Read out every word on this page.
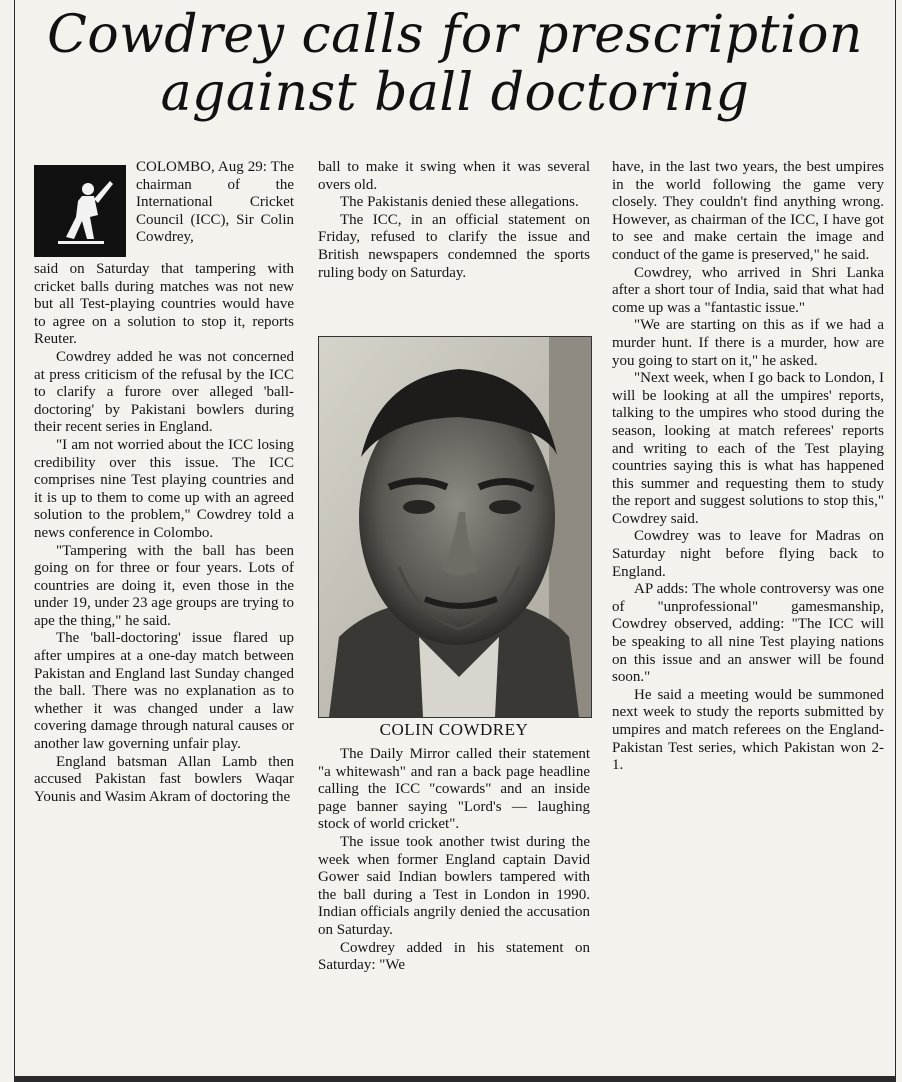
Cowdrey calls for prescription
against ball doctoring

COLOMBO, Aug 29: The chairman of the International Cricket Council (ICC), Sir Colin Cowdrey,

said on Saturday that tampering with cricket balls during matches was not new but all Test-playing countries would have to agree on a solution to stop it, reports Reuter.

Cowdrey added he was not concerned at press criticism of the refusal by the ICC to clarify a furore over alleged 'ball-doctoring' by Pakistani bowlers during their recent series in England.

"I am not worried about the ICC losing credibility over this issue. The ICC comprises nine Test playing countries and it is up to them to come up with an agreed solution to the problem," Cowdrey told a news conference in Colombo.

"Tampering with the ball has been going on for three or four years. Lots of countries are doing it, even those in the under 19, under 23 age groups are trying to ape the thing," he said.

The 'ball-doctoring' issue flared up after umpires at a one-day match between Pakistan and England last Sunday changed the ball. There was no explanation as to whether it was changed under a law covering damage through natural causes or another law governing unfair play.

England batsman Allan Lamb then accused Pakistan fast bowlers Waqar Younis and Wasim Akram of doctoring the

ball to make it swing when it was several overs old.

The Pakistanis denied these allegations.

The ICC, in an official statement on Friday, refused to clarify the issue and British newspapers condemned the sports ruling body on Saturday.

COLIN COWDREY

The Daily Mirror called their statement "a whitewash" and ran a back page headline calling the ICC "cowards" and an inside page banner saying "Lord's — laughing stock of world cricket".

The issue took another twist during the week when former England captain David Gower said Indian bowlers tampered with the ball during a Test in London in 1990. Indian officials angrily denied the accusation on Saturday.

Cowdrey added in his statement on Saturday: "We

have, in the last two years, the best umpires in the world following the game very closely. They couldn't find anything wrong. However, as chairman of the ICC, I have got to see and make certain the image and conduct of the game is preserved," he said.

Cowdrey, who arrived in Shri Lanka after a short tour of India, said that what had come up was a "fantastic issue."

"We are starting on this as if we had a murder hunt. If there is a murder, how are you going to start on it," he asked.

"Next week, when I go back to London, I will be looking at all the umpires' reports, talking to the umpires who stood during the season, looking at match referees' reports and writing to each of the Test playing countries saying this is what has happened this summer and requesting them to study the report and suggest solutions to stop this," Cowdrey said.

Cowdrey was to leave for Madras on Saturday night before flying back to England.

AP adds: The whole controversy was one of "unprofessional" gamesmanship, Cowdrey observed, adding: "The ICC will be speaking to all nine Test playing nations on this issue and an answer will be found soon."

He said a meeting would be summoned next week to study the reports submitted by umpires and match referees on the England-Pakistan Test series, which Pakistan won 2-1.
